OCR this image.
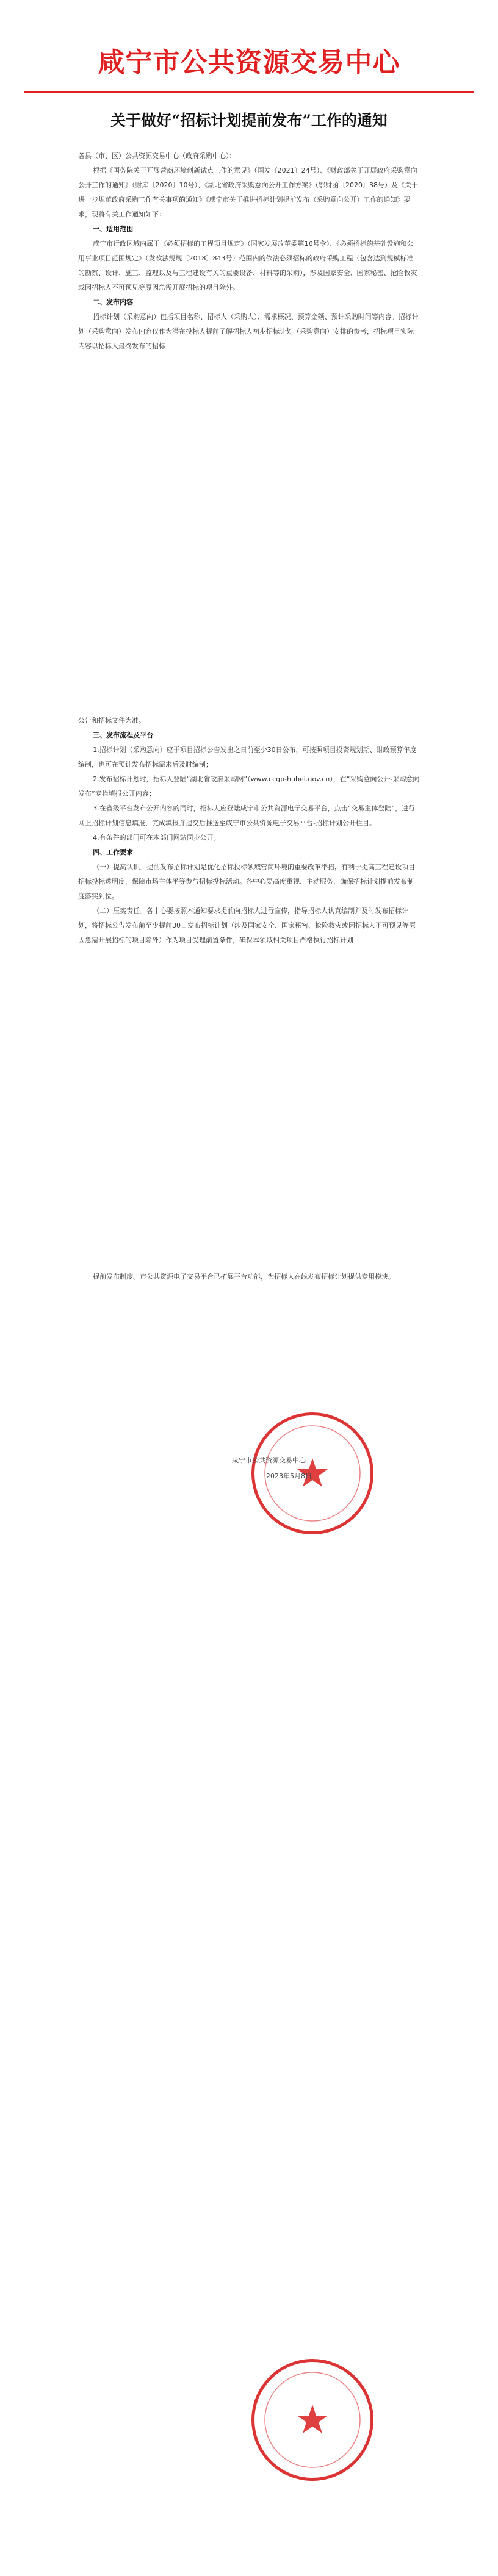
咸宁市公共资源交易中心
关于做好“招标计划提前发布”工作的通知

各县（市、区）公共资源交易中心（政府采购中心）：

根据《国务院关于开展营商环境创新试点工作的意见》（国发〔2021〕24号）、《财政部关于开展政府采购意向公开工作的通知》（财库〔2020〕10号）、《湖北省政府采购意向公开工作方案》（鄂财函〔2020〕38号）及《关于进一步规范政府采购工作有关事项的通知》《咸宁市关于推进招标计划提前发布（采购意向公开）工作的通知》要求，现将有关工作通知如下：

一、适用范围

咸宁市行政区域内属于《必须招标的工程项目规定》（国家发展改革委第16号令）、《必须招标的基础设施和公用事业项目范围规定》（发改法规规〔2018〕843号）范围内的依法必须招标的政府采购工程（包含达到规模标准的勘察、设计、施工、监理以及与工程建设有关的重要设备、材料等的采购），涉及国家安全、国家秘密、抢险救灾或因招标人不可预见等原因急需开展招标的项目除外。

二、发布内容

招标计划（采购意向）包括项目名称、招标人（采购人）、需求概况、预算金额、预计采购时间等内容。招标计划（采购意向）发布内容仅作为潜在投标人提前了解招标人初步招标计划（采购意向）安排的参考，招标项目实际内容以招标人最终发布的招标

公告和招标文件为准。

三、发布流程及平台

1.招标计划（采购意向）应于项目招标公告发出之日前至少30日公布，可按照项目投资规划期、财政预算年度编制，也可在预计发布招标需求后及时编制；

2.发布招标计划时，招标人登陆“湖北省政府采购网”（www.ccgp-hubei.gov.cn），在“采购意向公开-采购意向发布”专栏填报公开内容；

3.在省级平台发布公开内容的同时，招标人应登陆咸宁市公共资源电子交易平台，点击“交易主体登陆”，进行网上招标计划信息填报，完成填报并提交后推送至咸宁市公共资源电子交易平台-招标计划公开栏目。

4.有条件的部门可在本部门网站同步公开。

四、工作要求

（一）提高认识。提前发布招标计划是优化招标投标领域营商环境的重要改革举措，有利于提高工程建设项目招标投标透明度，保障市场主体平等参与招标投标活动。各中心要高度重视、主动服务，确保招标计划提前发布制度落实到位。

（二）压实责任。各中心要按照本通知要求提前向招标人进行宣传，指导招标人认真编制并及时发布招标计划，将招标公告发布前至少提前30日发布招标计划（涉及国家安全、国家秘密、抢险救灾或因招标人不可预见等原因急需开展招标的项目除外）作为项目受理前置条件，确保本领域相关项目严格执行招标计划

提前发布制度。市公共资源电子交易平台已拓展平台功能，为招标人在线发布招标计划提供专用模块。

咸宁市公共资源交易中心
2023年5月8日
